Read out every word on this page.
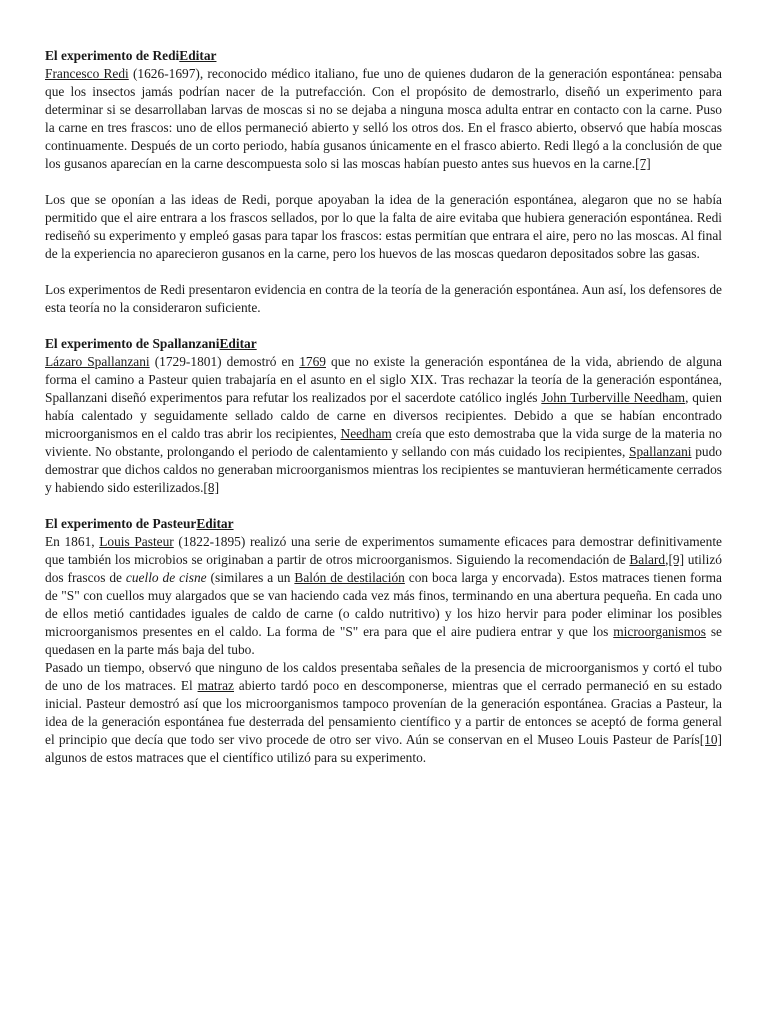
El experimento de RediEditar

Francesco Redi (1626-1697), reconocido médico italiano, fue uno de quienes dudaron de la generación espontánea: pensaba que los insectos jamás podrían nacer de la putrefacción. Con el propósito de demostrarlo, diseñó un experimento para determinar si se desarrollaban larvas de moscas si no se dejaba a ninguna mosca adulta entrar en contacto con la carne. Puso la carne en tres frascos: uno de ellos permaneció abierto y selló los otros dos. En el frasco abierto, observó que había moscas continuamente. Después de un corto periodo, había gusanos únicamente en el frasco abierto. Redi llegó a la conclusión de que los gusanos aparecían en la carne descompuesta solo si las moscas habían puesto antes sus huevos en la carne.[7]

Los que se oponían a las ideas de Redi, porque apoyaban la idea de la generación espontánea, alegaron que no se había permitido que el aire entrara a los frascos sellados, por lo que la falta de aire evitaba que hubiera generación espontánea. Redi rediseñó su experimento y empleó gasas para tapar los frascos: estas permitían que entrara el aire, pero no las moscas. Al final de la experiencia no aparecieron gusanos en la carne, pero los huevos de las moscas quedaron depositados sobre las gasas.

Los experimentos de Redi presentaron evidencia en contra de la teoría de la generación espontánea. Aun así, los defensores de esta teoría no la consideraron suficiente.

El experimento de SpallanzaniEditar

Lázaro Spallanzani (1729-1801) demostró en 1769 que no existe la generación espontánea de la vida, abriendo de alguna forma el camino a Pasteur quien trabajaría en el asunto en el siglo XIX. Tras rechazar la teoría de la generación espontánea, Spallanzani diseñó experimentos para refutar los realizados por el sacerdote católico inglés John Turberville Needham, quien había calentado y seguidamente sellado caldo de carne en diversos recipientes. Debido a que se habían encontrado microorganismos en el caldo tras abrir los recipientes, Needham creía que esto demostraba que la vida surge de la materia no viviente. No obstante, prolongando el periodo de calentamiento y sellando con más cuidado los recipientes, Spallanzani pudo demostrar que dichos caldos no generaban microorganismos mientras los recipientes se mantuvieran herméticamente cerrados y habiendo sido esterilizados.[8]

El experimento de PasteurEditar

En 1861, Louis Pasteur (1822-1895) realizó una serie de experimentos sumamente eficaces para demostrar definitivamente que también los microbios se originaban a partir de otros microorganismos. Siguiendo la recomendación de Balard,[9] utilizó dos frascos de cuello de cisne (similares a un Balón de destilación con boca larga y encorvada). Estos matraces tienen forma de "S" con cuellos muy alargados que se van haciendo cada vez más finos, terminando en una abertura pequeña. En cada uno de ellos metió cantidades iguales de caldo de carne (o caldo nutritivo) y los hizo hervir para poder eliminar los posibles microorganismos presentes en el caldo. La forma de "S" era para que el aire pudiera entrar y que los microorganismos se quedasen en la parte más baja del tubo.

Pasado un tiempo, observó que ninguno de los caldos presentaba señales de la presencia de microorganismos y cortó el tubo de uno de los matraces. El matraz abierto tardó poco en descomponerse, mientras que el cerrado permaneció en su estado inicial. Pasteur demostró así que los microorganismos tampoco provenían de la generación espontánea. Gracias a Pasteur, la idea de la generación espontánea fue desterrada del pensamiento científico y a partir de entonces se aceptó de forma general el principio que decía que todo ser vivo procede de otro ser vivo. Aún se conservan en el Museo Louis Pasteur de París[10] algunos de estos matraces que el científico utilizó para su experimento.
